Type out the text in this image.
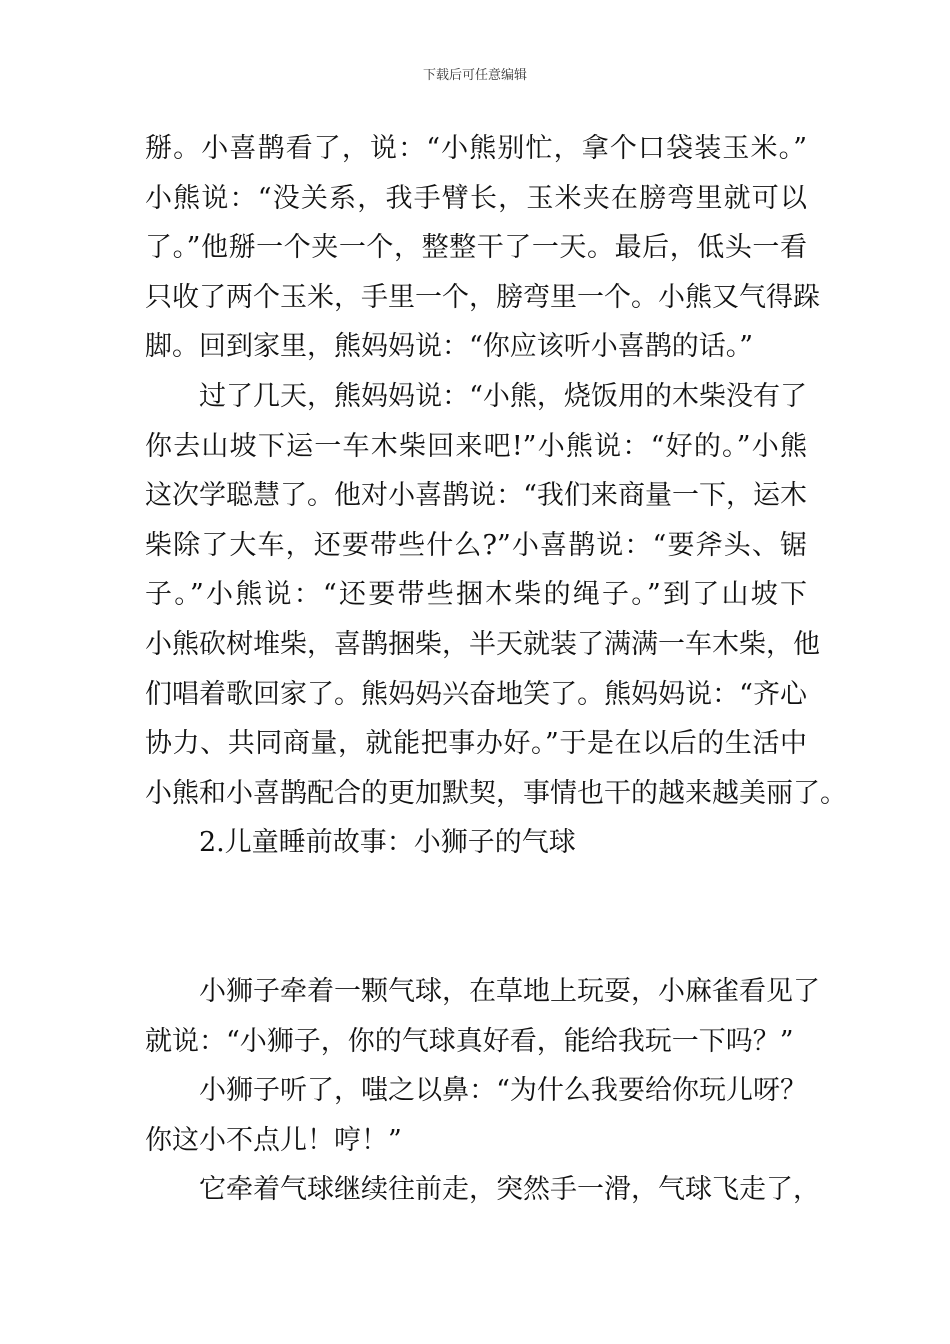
下载后可任意编辑
掰。小喜鹊看了，说：“小熊别忙，拿个口袋装玉米。”
小熊说：“没关系，我手臂长，玉米夹在膀弯里就可以
了。”他掰一个夹一个，整整干了一天。最后，低头一看
只收了两个玉米，手里一个，膀弯里一个。小熊又气得跺
脚。回到家里，熊妈妈说：“你应该听小喜鹊的话。”
过了几天，熊妈妈说：“小熊，烧饭用的木柴没有了
你去山坡下运一车木柴回来吧!”小熊说：“好的。”小熊
这次学聪慧了。他对小喜鹊说：“我们来商量一下，运木
柴除了大车，还要带些什么?”小喜鹊说：“要斧头、锯
子。”小熊说：“还要带些捆木柴的绳子。”到了山坡下
小熊砍树堆柴，喜鹊捆柴，半天就装了满满一车木柴，他
们唱着歌回家了。熊妈妈兴奋地笑了。熊妈妈说：“齐心
协力、共同商量，就能把事办好。”于是在以后的生活中
小熊和小喜鹊配合的更加默契，事情也干的越来越美丽了。
2.儿童睡前故事：小狮子的气球
小狮子牵着一颗气球，在草地上玩耍，小麻雀看见了
就说：“小狮子，你的气球真好看，能给我玩一下吗？”
小狮子听了，嗤之以鼻：“为什么我要给你玩儿呀？
你这小不点儿！哼！”
它牵着气球继续往前走，突然手一滑，气球飞走了，
